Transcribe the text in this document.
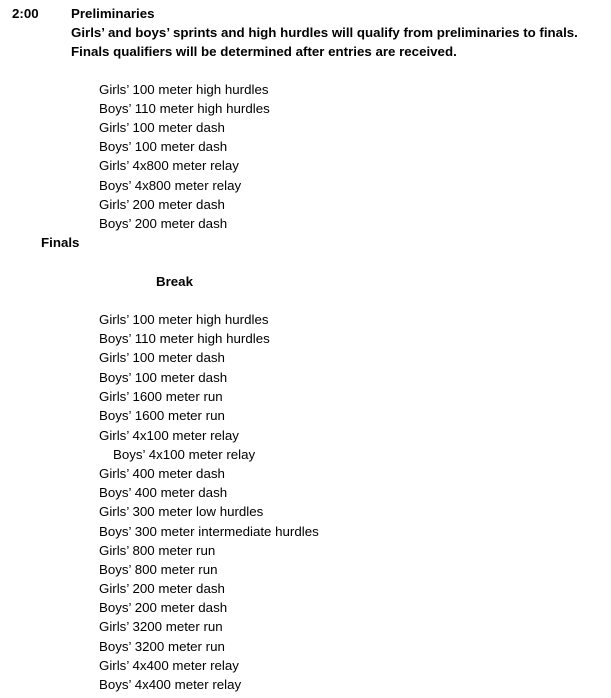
2:00 Preliminaries
Girls’ and boys’ sprints and high hurdles will qualify from preliminaries to finals.
Finals qualifiers will be determined after entries are received.
Girls’ 100 meter high hurdles
Boys’ 110 meter high hurdles
Girls’ 100 meter dash
Boys’ 100 meter dash
Girls’ 4x800 meter relay
Boys’ 4x800 meter relay
Girls’ 200 meter dash
Boys’ 200 meter dash
Finals
Break
Girls’ 100 meter high hurdles
Boys’ 110 meter high hurdles
Girls’ 100 meter dash
Boys’ 100 meter dash
Girls’ 1600 meter run
Boys’ 1600 meter run
Girls’ 4x100 meter relay
Boys’ 4x100 meter relay
Girls’ 400 meter dash
Boys’ 400 meter dash
Girls’ 300 meter low hurdles
Boys’ 300 meter intermediate hurdles
Girls’ 800 meter run
Boys’ 800 meter run
Girls’ 200 meter dash
Boys’ 200 meter dash
Girls’ 3200 meter run
Boys’ 3200 meter run
Girls’ 4x400 meter relay
Boys’ 4x400 meter relay
